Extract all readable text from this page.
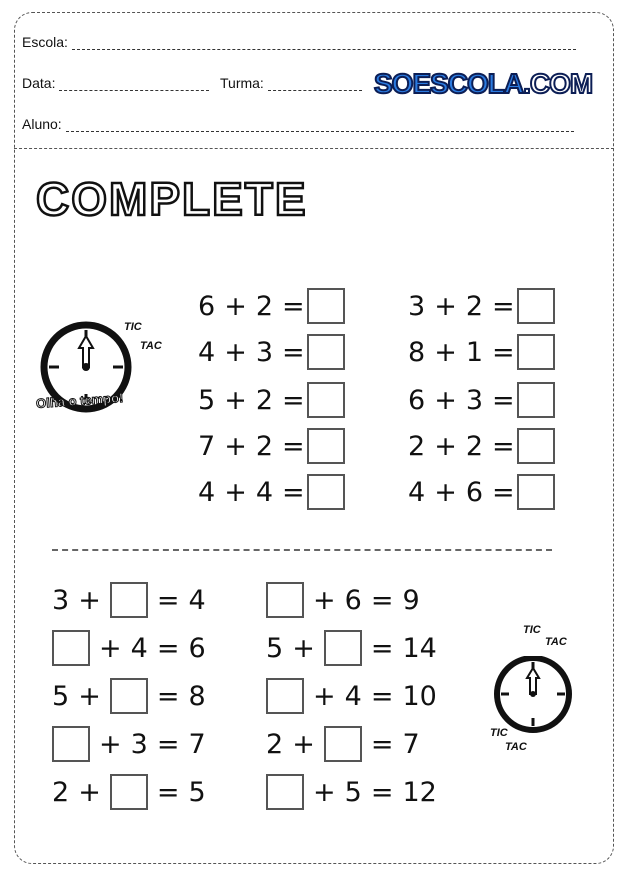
Escola:
Data:	Turma:
Aluno:
SOESCOLA.COM
COMPLETE
TIC
TAC
Olha o tempo!
6 + 2 =
4 + 3 =
5 + 2 =
7 + 2 =
4 + 4 =
3 + 2 =
8 + 1 =
6 + 3 =
2 + 2 =
4 + 6 =
3 + = 4
+ 4 = 6
5 + = 8
+ 3 = 7
2 + = 5
+ 6 = 9
5 + = 14
+ 4 = 10
2 + = 7
+ 5 = 12
TIC
TAC
TIC
TAC
